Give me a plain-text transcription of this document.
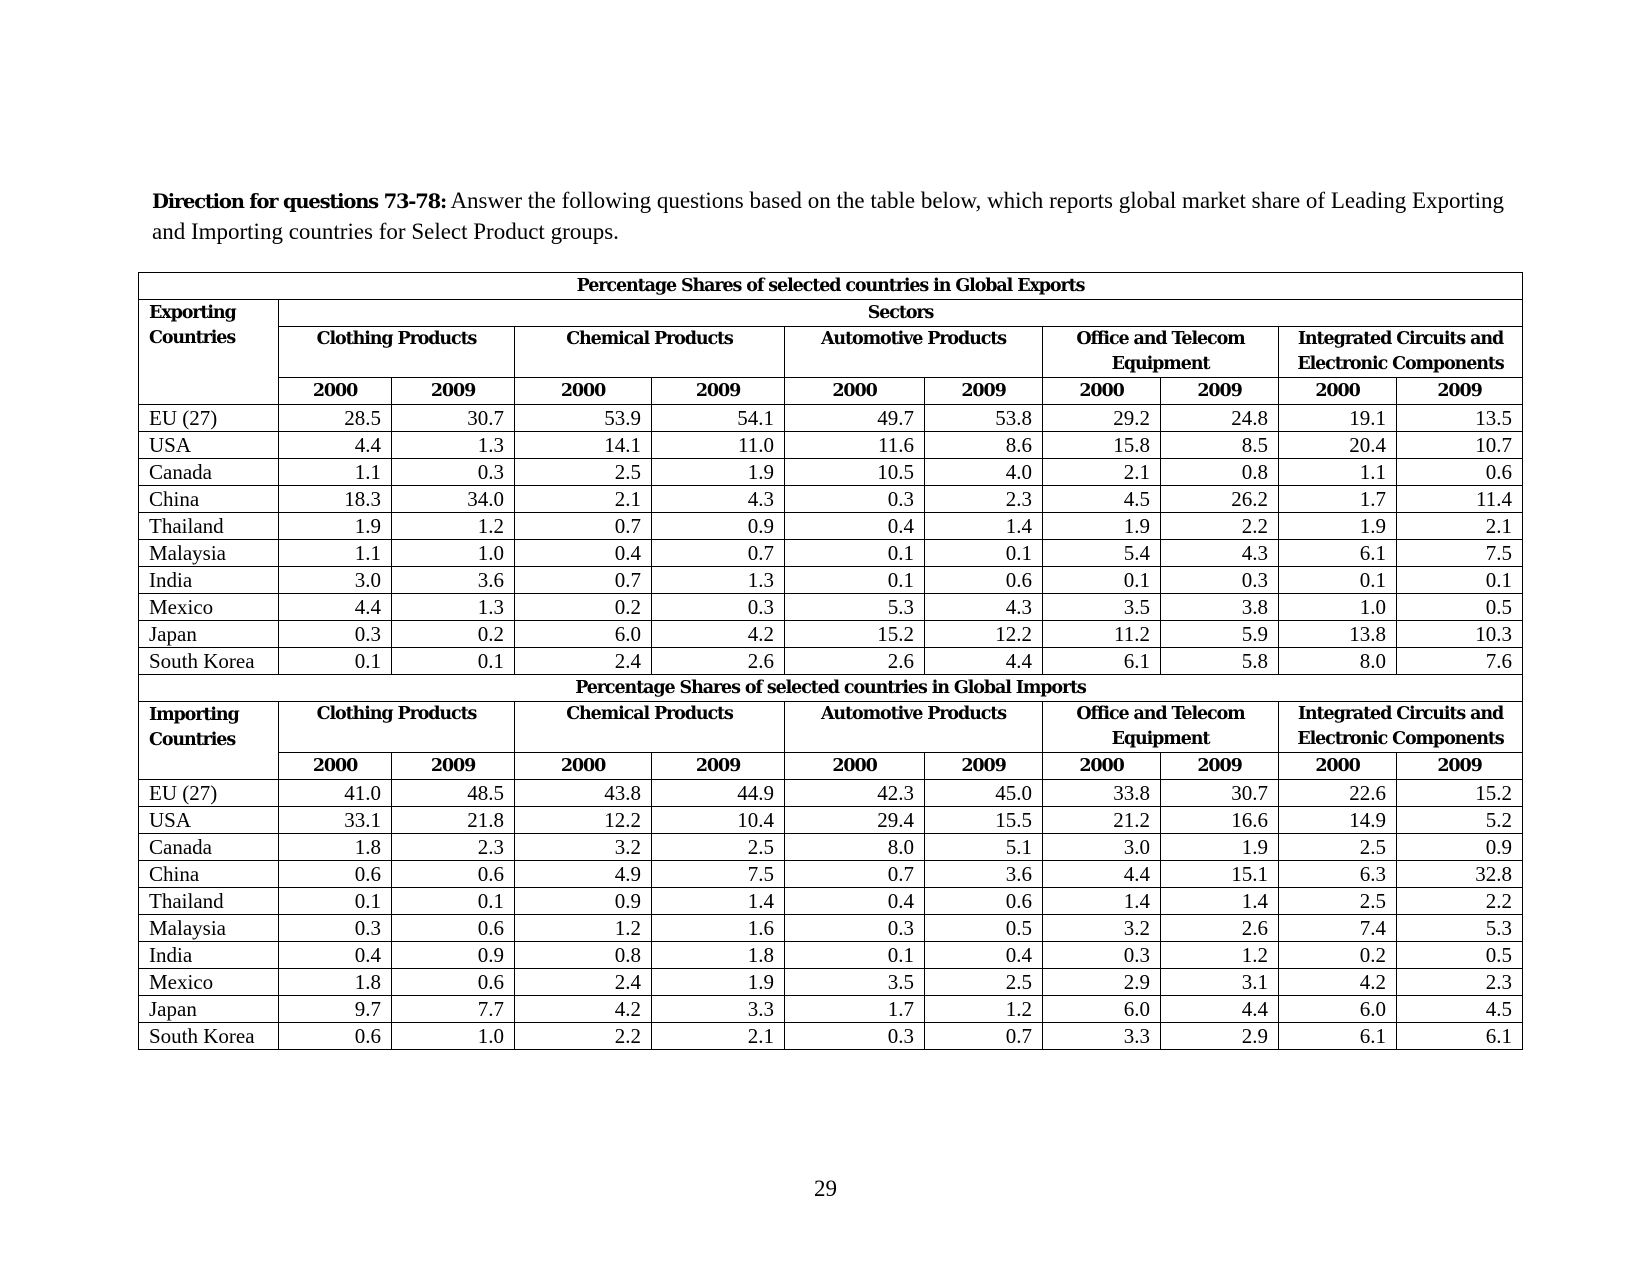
Direction for questions 73-78: Answer the following questions based on the table below, which reports global market share of Leading Exporting and Importing countries for Select Product groups.

Percentage Shares of selected countries in Global Exports										
Exporting Countries	Sectors									
	Clothing Products		Chemical Products		Automotive Products		Office and Telecom Equipment		Integrated Circuits and Electronic Components	

	2000	2009	2000	2009	2000	2009	2000	2009	2000	2009
EU (27)	28.5	30.7	53.9	54.1	49.7	53.8	29.2	24.8	19.1	13.5
USA	4.4	1.3	14.1	11.0	11.6	8.6	15.8	8.5	20.4	10.7
Canada	1.1	0.3	2.5	1.9	10.5	4.0	2.1	0.8	1.1	0.6
China	18.3	34.0	2.1	4.3	0.3	2.3	4.5	26.2	1.7	11.4
Thailand	1.9	1.2	0.7	0.9	0.4	1.4	1.9	2.2	1.9	2.1
Malaysia	1.1	1.0	0.4	0.7	0.1	0.1	5.4	4.3	6.1	7.5
India	3.0	3.6	0.7	1.3	0.1	0.6	0.1	0.3	0.1	0.1
Mexico	4.4	1.3	0.2	0.3	5.3	4.3	3.5	3.8	1.0	0.5
Japan	0.3	0.2	6.0	4.2	15.2	12.2	11.2	5.9	13.8	10.3
South Korea	0.1	0.1	2.4	2.6	2.6	4.4	6.1	5.8	8.0	7.6
Percentage Shares of selected countries in Global Imports										
Importing Countries	Clothing Products		Chemical Products		Automotive Products		Office and Telecom Equipment		Integrated Circuits and Electronic Components	

	2000	2009	2000	2009	2000	2009	2000	2009	2000	2009
EU (27)	41.0	48.5	43.8	44.9	42.3	45.0	33.8	30.7	22.6	15.2
USA	33.1	21.8	12.2	10.4	29.4	15.5	21.2	16.6	14.9	5.2
Canada	1.8	2.3	3.2	2.5	8.0	5.1	3.0	1.9	2.5	0.9
China	0.6	0.6	4.9	7.5	0.7	3.6	4.4	15.1	6.3	32.8
Thailand	0.1	0.1	0.9	1.4	0.4	0.6	1.4	1.4	2.5	2.2
Malaysia	0.3	0.6	1.2	1.6	0.3	0.5	3.2	2.6	7.4	5.3
India	0.4	0.9	0.8	1.8	0.1	0.4	0.3	1.2	0.2	0.5
Mexico	1.8	0.6	2.4	1.9	3.5	2.5	2.9	3.1	4.2	2.3
Japan	9.7	7.7	4.2	3.3	1.7	1.2	6.0	4.4	6.0	4.5
South Korea	0.6	1.0	2.2	2.1	0.3	0.7	3.3	2.9	6.1	6.1
29
